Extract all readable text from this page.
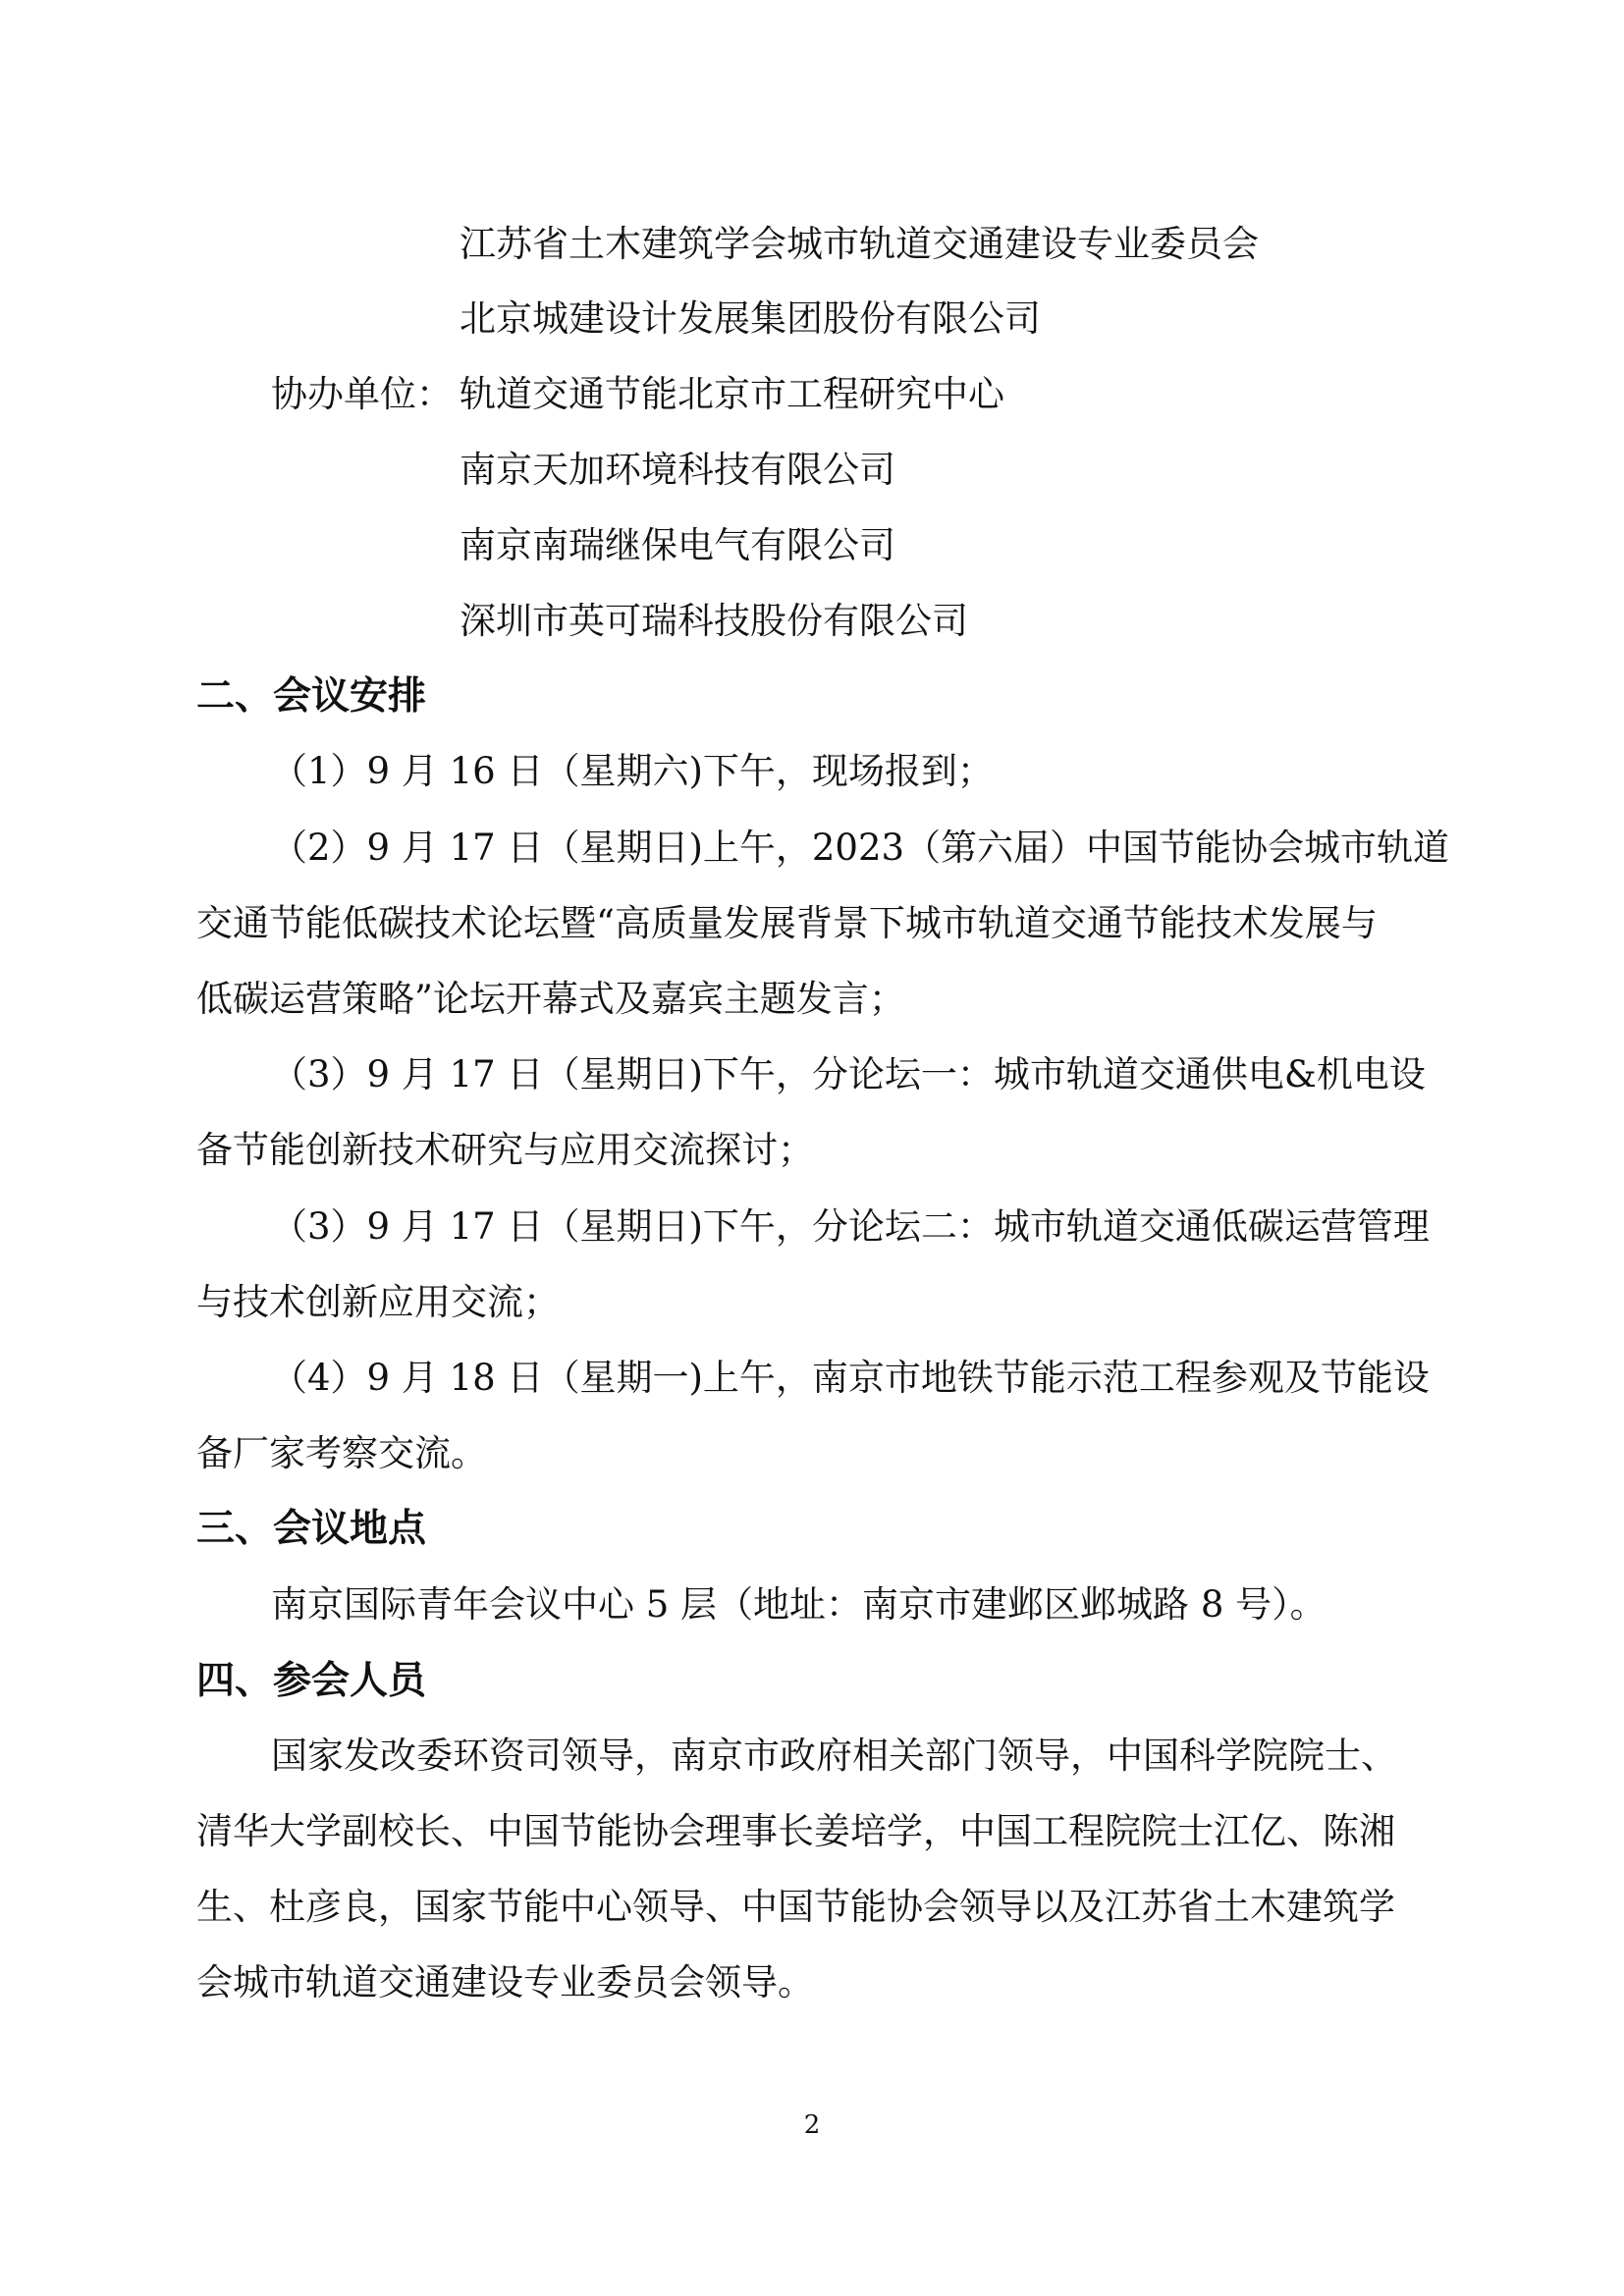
江苏省土木建筑学会城市轨道交通建设专业委员会
北京城建设计发展集团股份有限公司
协办单位： 轨道交通节能北京市工程研究中心
南京天加环境科技有限公司
南京南瑞继保电气有限公司
深圳市英可瑞科技股份有限公司
二、会议安排
（1）9 月 16 日（星期六)下午，现场报到；
（2）9 月 17 日（星期日)上午，2023（第六届）中国节能协会城市轨道
交通节能低碳技术论坛暨“高质量发展背景下城市轨道交通节能技术发展与
低碳运营策略”论坛开幕式及嘉宾主题发言；
（3）9 月 17 日（星期日)下午，分论坛一：城市轨道交通供电&机电设
备节能创新技术研究与应用交流探讨；
（3）9 月 17 日（星期日)下午，分论坛二：城市轨道交通低碳运营管理
与技术创新应用交流；
（4）9 月 18 日（星期一)上午，南京市地铁节能示范工程参观及节能设
备厂家考察交流。
三、会议地点
南京国际青年会议中心 5 层（地址：南京市建邺区邺城路 8 号）。
四、参会人员
国家发改委环资司领导，南京市政府相关部门领导，中国科学院院士、
清华大学副校长、中国节能协会理事长姜培学，中国工程院院士江亿、陈湘
生、杜彦良，国家节能中心领导、中国节能协会领导以及江苏省土木建筑学
会城市轨道交通建设专业委员会领导。
2
